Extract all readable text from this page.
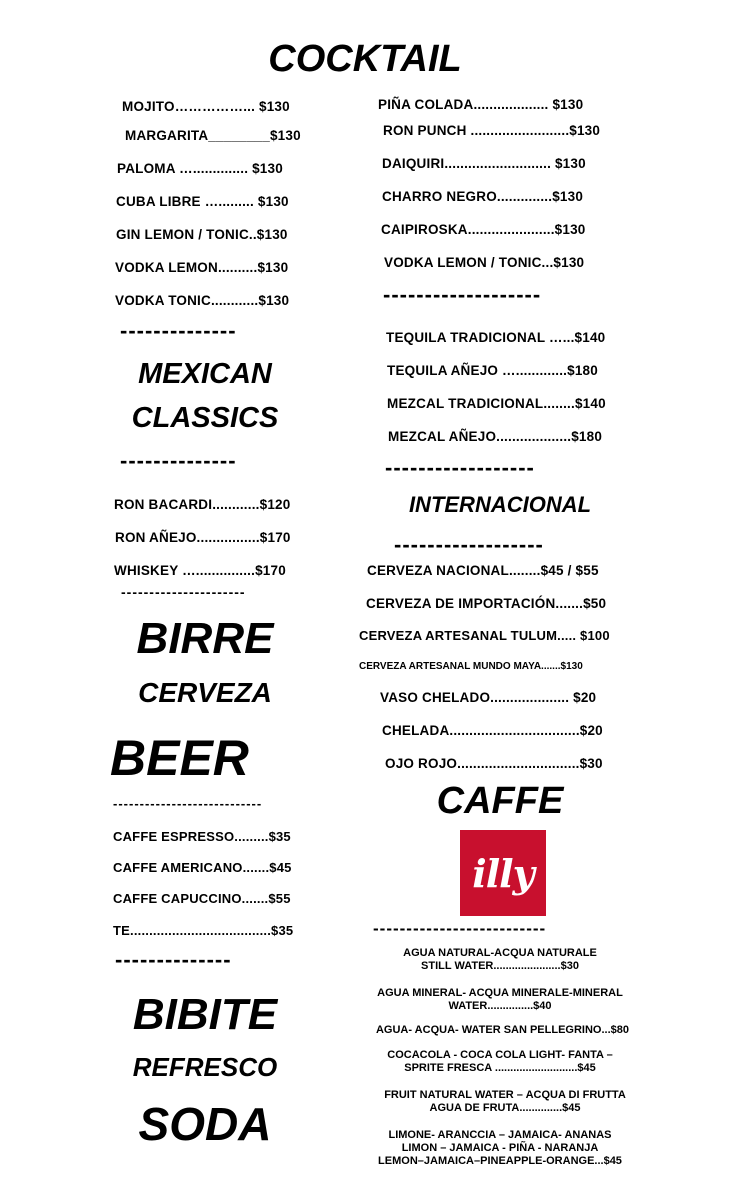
COCKTAIL
MOJITO……………... $130
MARGARITA________$130
PALOMA ….............. $130
CUBA LIBRE …......... $130
GIN LEMON / TONIC..$130
VODKA LEMON..........$130
VODKA TONIC............$130
PIÑA COLADA................... $130
RON PUNCH .........................$130
DAIQUIRI........................... $130
CHARRO NEGRO..............$130
CAIPIROSKA......................$130
VODKA LEMON / TONIC...$130
--------------
-------------------
MEXICAN
CLASSICS
--------------
TEQUILA TRADICIONAL …...$140
TEQUILA AÑEJO ….............$180
MEZCAL TRADICIONAL........$140
MEZCAL AÑEJO...................$180
------------------
INTERNACIONAL
------------------
RON BACARDI............$120
RON AÑEJO................$170
WHISKEY …...............$170
----------------------
BIRRE
CERVEZA
BEER
----------------------------
CERVEZA NACIONAL........$45 / $55
CERVEZA DE IMPORTACIÓN.......$50
CERVEZA ARTESANAL TULUM..... $100
CERVEZA ARTESANAL MUNDO MAYA.......$130
VASO CHELADO.................... $20
CHELADA.................................$20
OJO ROJO...............................$30
CAFFE
illy
--------------------------
CAFFE ESPRESSO.........$35
CAFFE AMERICANO.......$45
CAFFE CAPUCCINO.......$55
TE.....................................$35
--------------
BIBITE
REFRESCO
SODA
AGUA NATURAL-ACQUA NATURALE
STILL WATER......................$30
AGUA MINERAL- ACQUA MINERALE-MINERAL
WATER...............$40
AGUA- ACQUA- WATER SAN PELLEGRINO...$80
COCACOLA - COCA COLA LIGHT- FANTA –
SPRITE FRESCA ...........................$45
FRUIT NATURAL WATER – ACQUA DI FRUTTA
AGUA DE FRUTA..............$45
LIMONE- ARANCCIA – JAMAICA- ANANAS
LIMON – JAMAICA - PIÑA - NARANJA
LEMON–JAMAICA–PINEAPPLE-ORANGE...$45
